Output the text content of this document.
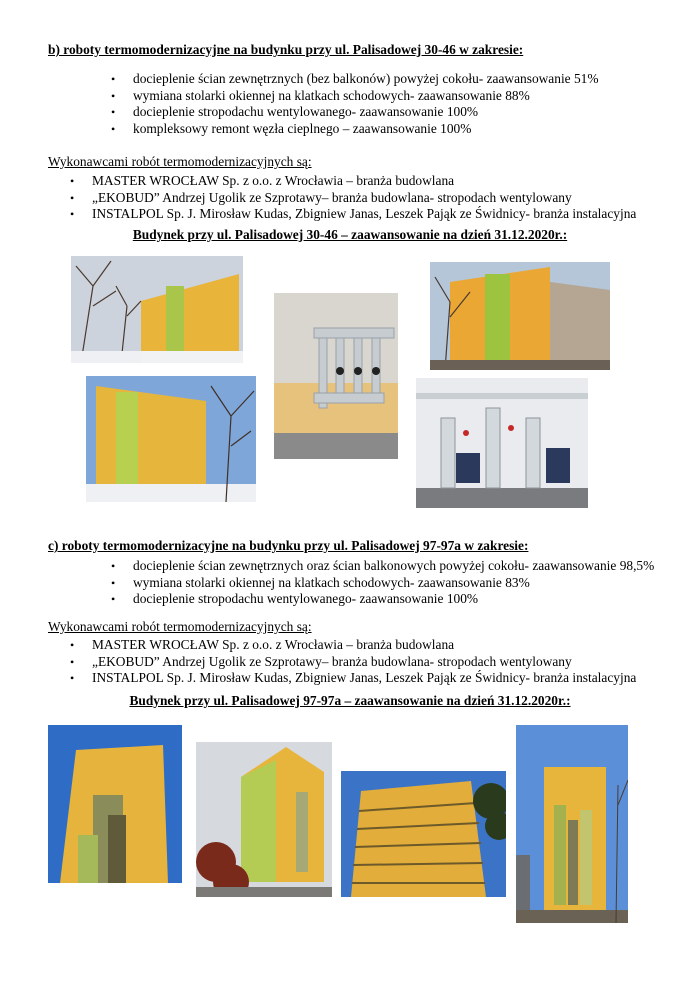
b) roboty termomodernizacyjne na budynku przy ul. Palisadowej 30-46 w zakresie:
• docieplenie ścian zewnętrznych (bez balkonów) powyżej cokołu- zaawansowanie 51%
• wymiana stolarki okiennej na klatkach schodowych- zaawansowanie 88%
• docieplenie stropodachu wentylowanego- zaawansowanie 100%
• kompleksowy remont węzła cieplnego – zaawansowanie 100%
Wykonawcami robót termomodernizacyjnych są:
• MASTER WROCŁAW Sp. z o.o. z Wrocławia – branża budowlana
• „EKOBUD” Andrzej Ugolik ze Szprotawy– branża budowlana- stropodach wentylowany
• INSTALPOL Sp. J. Mirosław Kudas, Zbigniew Janas, Leszek Pająk ze Świdnicy- branża instalacyjna
Budynek przy ul. Palisadowej 30-46 – zaawansowanie na dzień 31.12.2020r.:
c) roboty termomodernizacyjne na budynku przy ul. Palisadowej 97-97a w zakresie:
• docieplenie ścian zewnętrznych oraz ścian balkonowych powyżej cokołu- zaawansowanie 98,5%
• wymiana stolarki okiennej na klatkach schodowych- zaawansowanie 83%
• docieplenie stropodachu wentylowanego- zaawansowanie 100%
Wykonawcami robót termomodernizacyjnych są:
• MASTER WROCŁAW Sp. z o.o. z Wrocławia – branża budowlana
• „EKOBUD” Andrzej Ugolik ze Szprotawy– branża budowlana- stropodach wentylowany
• INSTALPOL Sp. J. Mirosław Kudas, Zbigniew Janas, Leszek Pająk ze Świdnicy- branża instalacyjna
Budynek przy ul. Palisadowej 97-97a – zaawansowanie na dzień 31.12.2020r.:
